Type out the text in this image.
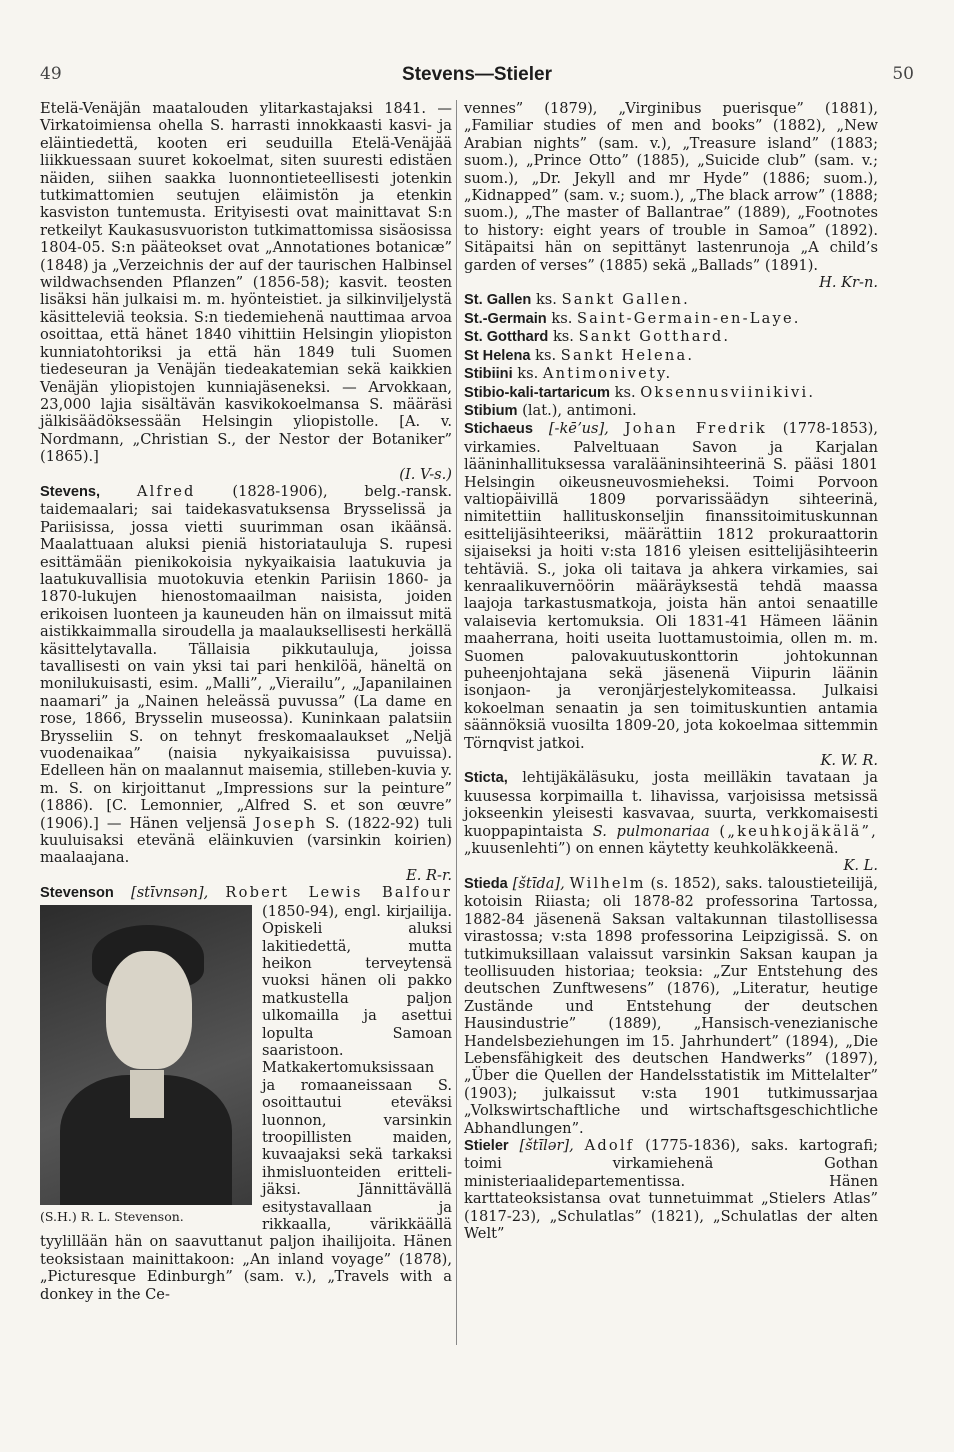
49	Stevens—Stieler	50

Etelä-Venäjän maatalouden ylitarkastajaksi 1841. — Virkatoimiensa ohella S. harrasti innokkaasti kasvi- ja eläintiedettä, kooten eri seuduilla Etelä-Venäjää liikkuessaan suuret kokoelmat, siten suuresti edistäen näiden, siihen saakka luonnontieteellisesti jotenkin tutkimattomien seutujen eläimistön ja etenkin kasviston tuntemusta. Erityisesti ovat mainittavat S:n retkeilyt Kaukasusvuoriston tutkimattomissa sisäosissa 1804-05. S:n pääteokset ovat „Annotationes botanicæ” (1848) ja „Verzeichnis der auf der taurischen Halbinsel wildwachsenden Pflanzen” (1856-58); kasvit. teosten lisäksi hän julkaisi m. m. hyönteistiet. ja silkinviljelystä käsitteleviä teoksia. S:n tiedemiehenä nauttimaa arvoa osoittaa, että hänet 1840 vihittiin Helsingin yliopiston kunniatohtoriksi ja että hän 1849 tuli Suomen tiedeseuran ja Venäjän tiedeakatemian sekä kaikkien Venäjän yliopistojen kunniajäseneksi. — Arvokkaan, 23,000 lajia sisältävän kasvikokoelmansa S. määräsi jälkisäädöksessään Helsingin yliopistolle. [A. v. Nordmann, „Christian S., der Nestor der Botaniker” (1865).]
(I. V-s.)

Stevens,	Alfred	(1828-1906), belg.-ransk. taidemaalari; sai taidekasvatuksensa Brysselissä ja Pariisissa, jossa vietti suurimman osan ikäänsä. Maalattuaan aluksi pieniä historiatauluja S. rupesi esittämään pienikokoisia nykyaikaisia laatukuvia ja laatukuvallisia muotokuvia etenkin Pariisin 1860- ja 1870-lukujen hienostomaailman naisista, joiden erikoisen luonteen ja kauneuden hän on ilmaissut mitä aistikkaimmalla siroudella ja maalauksellisesti herkällä käsittelytavalla. Tällaisia pikkutauluja, joissa tavallisesti on vain yksi tai pari henkilöä, häneltä on monilukuisasti, esim. „Malli”, „Vierailu”, „Japanilainen naamari” ja „Nainen heleässä puvussa” (La dame en rose, 1866, Brysselin museossa). Kuninkaan palatsiin Brysseliin S. on tehnyt freskomaalaukset „Neljä vuodenaikaa” (naisia nykyaikaisissa puvuissa). Edelleen hän on maalannut maisemia, stilleben-kuvia y. m. S. on kirjoittanut „Impressions sur la peinture” (1886). [C. Lemonnier, „Alfred S. et son œuvre” (1906).] — Hänen veljensä Joseph S. (1822-92) tuli kuuluisaksi etevänä eläinkuvien (varsinkin koirien) maalaajana.
E. R-r.

Stevenson [stīvnsən], Robert Lewis Balfour
(S.H.) R. L. Stevenson.
(1850-94), engl. kirjailija. Opiskeli aluksi lakitiedettä, mutta heikon terveytensä vuoksi hänen oli pakko matkustella paljon ulkomailla ja asettui lopulta Samoan saaristoon. Matkakertomuksissaan ja romaaneissaan S. osoittautui eteväksi luonnon, varsinkin troopillisten maiden, kuvaajaksi sekä tarkaksi ihmisluonteiden erittelijäksi. Jännittävällä esitystavallaan ja rikkaalla, värikkäällä tyylillään hän on saavuttanut paljon ihailijoita. Hänen teoksistaan mainittakoon: „An inland voyage” (1878), „Picturesque Edinburgh” (sam. v.), „Travels with a donkey in the Ce-

vennes” (1879), „Virginibus puerisque” (1881), „Familiar studies of men and books” (1882), „New Arabian nights” (sam. v.), „Treasure island” (1883; suom.), „Prince Otto” (1885), „Suicide club” (sam. v.; suom.), „Dr. Jekyll and mr Hyde” (1886; suom.), „Kidnapped” (sam. v.; suom.), „The black arrow” (1888; suom.), „The master of Ballantrae” (1889), „Footnotes to history: eight years of trouble in Samoa” (1892). Sitäpaitsi hän on sepittänyt lastenrunoja „A child’s garden of verses” (1885) sekä „Ballads” (1891).
H. Kr-n.

St. Gallen ks. Sankt Gallen.

St.-Germain ks. Saint-Germain-en-Laye.

St. Gotthard ks. Sankt Gotthard.

St Helena ks. Sankt Helena.

Stibiini ks. Antimonivety.

Stibio-kali-tartaricum ks. Oksennusviinikivi.

Stibium (lat.), antimoni.

Stichaeus [-kēʼus], Johan Fredrik (1778-1853), virkamies. Palveltuaan Savon ja Karjalan lääninhallituksessa varalääninsihteerinä S. pääsi 1801 Helsingin oikeusneuvosmieheksi. Toimi Porvoon valtiopäivillä 1809 porvarissäädyn sihteerinä, nimitettiin hallituskonseljin finanssitoimituskunnan esittelijäsihteeriksi, määrättiin 1812 prokuraattorin sijaiseksi ja hoiti v:sta 1816 yleisen esittelijäsihteerin tehtäviä. S., joka oli taitava ja ahkera virkamies, sai kenraalikuvernöörin määräyksestä tehdä maassa laajoja tarkastusmatkoja, joista hän antoi senaatille valaisevia kertomuksia. Oli 1831-41 Hämeen läänin maaherrana, hoiti useita luottamustoimia, ollen m. m. Suomen palovakuutuskonttorin johtokunnan puheenjohtajana sekä jäsenenä Viipurin läänin isonjaon- ja veronjärjestelykomiteassa. Julkaisi kokoelman senaatin ja sen toimituskuntien antamia säännöksiä vuosilta 1809-20, jota kokoelmaa sittemmin Törnqvist jatkoi.
K. W. R.

Sticta, lehtijäkäläsuku, josta meilläkin tavataan ja kuusessa korpimailla t. lihavissa, varjoisissa metsissä jokseenkin yleisesti kasvavaa, suurta, verkkomaisesti kuoppapintaista S. pulmonariaa („keuhkojäkälä”, „kuusenlehti”) on ennen käytetty keuhkoläkkeenä.
K. L.

Stieda [štīda], Wilhelm (s. 1852), saks. taloustieteilijä, kotoisin Riiasta; oli 1878-82 professorina Tartossa, 1882-84 jäsenenä Saksan valtakunnan tilastollisessa virastossa; v:sta 1898 professorina Leipzigissä. S. on tutkimuksillaan valaissut varsinkin Saksan kaupan ja teollisuuden historiaa; teoksia: „Zur Entstehung des deutschen Zunftwesens” (1876), „Literatur, heutige Zustände und Entstehung der deutschen Hausindustrie” (1889), „Hansisch-venezianische Handelsbeziehungen im 15. Jahrhundert” (1894), „Die Lebensfähigkeit des deutschen Handwerks” (1897), „Über die Quellen der Handelsstatistik im Mittelalter” (1903); julkaissut v:sta 1901 tutkimussarjaa „Volkswirtschaftliche und wirtschaftsgeschichtliche Abhandlungen”.

Stieler [štīlər], Adolf (1775-1836), saks. kartografi; toimi virkamiehenä Gothan ministeriaalidepartementissa. Hänen karttateoksistansa ovat tunnetuimmat „Stielers Atlas” (1817-23), „Schulatlas” (1821), „Schulatlas der alten Welt”
